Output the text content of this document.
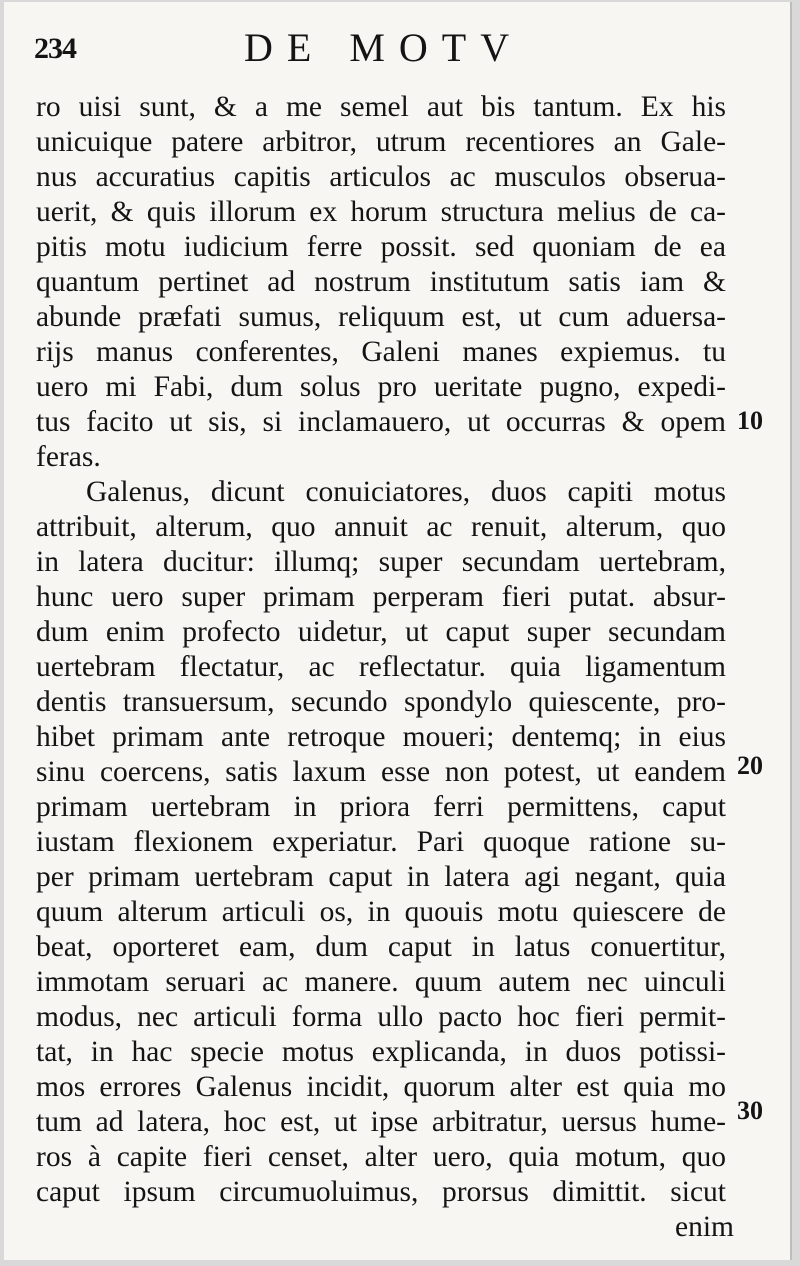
234	DE MOTV
ro uisi sunt, & a me semel aut bis tantum. Ex his
unicuique patere arbitror, utrum recentiores an Gale-
nus accuratius capitis articulos ac musculos obserua-
uerit, & quis illorum ex horum structura melius de ca-
pitis motu iudicium ferre possit. sed quoniam de ea
quantum pertinet ad nostrum institutum satis iam &
abunde præfati sumus, reliquum est, ut cum aduersa-
rijs manus conferentes, Galeni manes expiemus. tu
uero mi Fabi, dum solus pro ueritate pugno, expedi-
tus facito ut sis, si inclamauero, ut occurras & opem
feras.
Galenus, dicunt conuiciatores, duos capiti motus
attribuit, alterum, quo annuit ac renuit, alterum, quo
in latera ducitur: illumq; super secundam uertebram,
hunc uero super primam perperam fieri putat. absur-
dum enim profecto uidetur, ut caput super secundam
uertebram flectatur, ac reflectatur. quia ligamentum
dentis transuersum, secundo spondylo quiescente, pro-
hibet primam ante retroque moueri; dentemq; in eius
sinu coercens, satis laxum esse non potest, ut eandem
primam uertebram in priora ferri permittens, caput
iustam flexionem experiatur. Pari quoque ratione su-
per primam uertebram caput in latera agi negant, quia
quum alterum articuli os, in quouis motu quiescere de
beat, oporteret eam, dum caput in latus conuertitur,
immotam seruari ac manere. quum autem nec uinculi
modus, nec articuli forma ullo pacto hoc fieri permit-
tat, in hac specie motus explicanda, in duos potissi-
mos errores Galenus incidit, quorum alter est quia mo
tum ad latera, hoc est, ut ipse arbitratur, uersus hume-
ros à capite fieri censet, alter uero, quia motum, quo
caput ipsum circumuoluimus, prorsus dimittit. sicut
enim
10
20
30
